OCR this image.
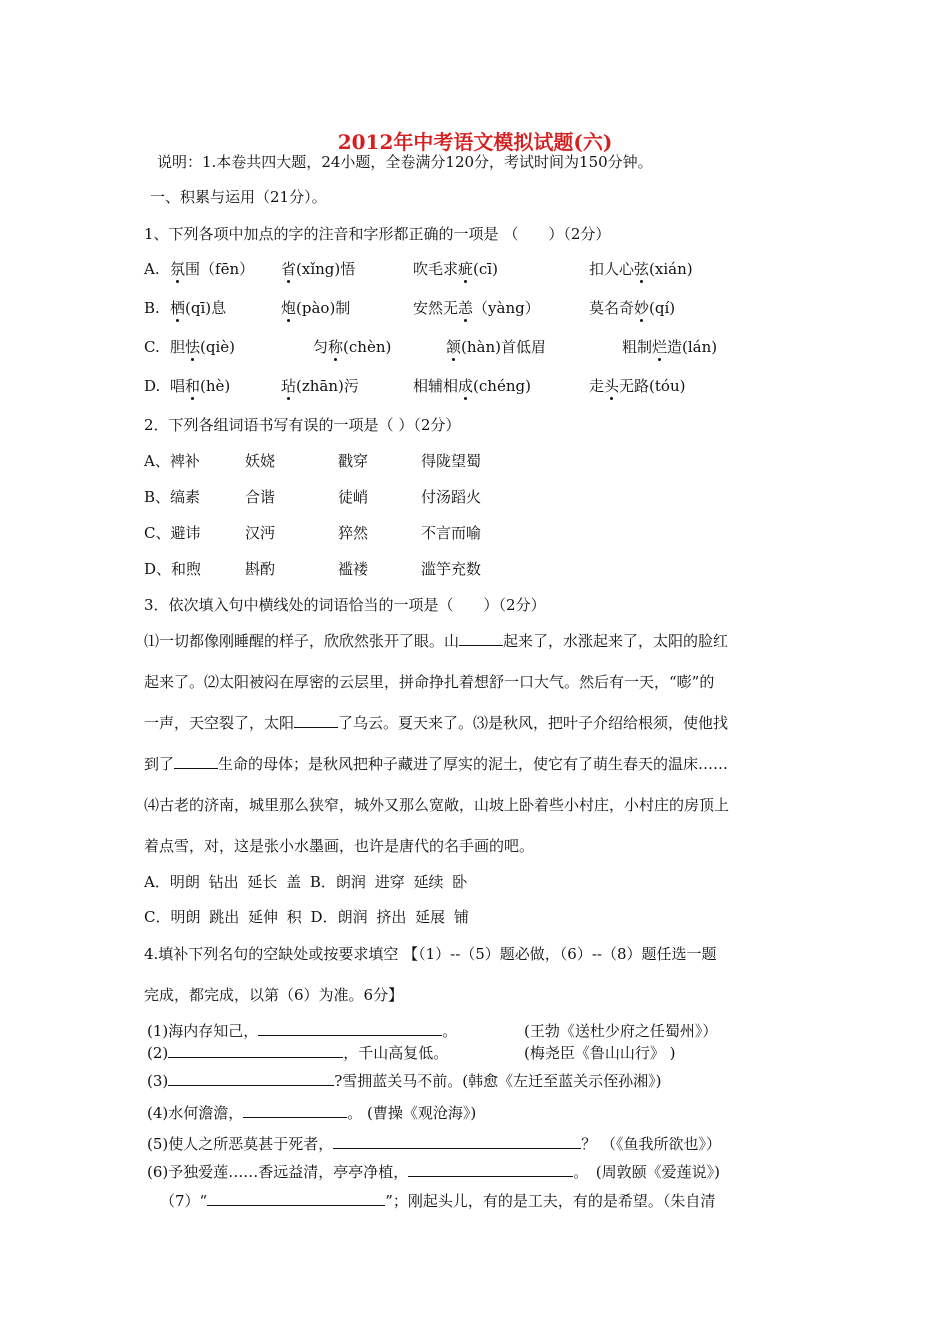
2012年中考语文模拟试题(六)
说明：1.本卷共四大题，24小题，全卷满分120分，考试时间为150分钟。
一、积累与运用（21分）。
1、下列各项中加点的字的注音和字形都正确的一项是 （　　）（2分）
A. 氛围（fēn） 省(xǐng)悟	吹毛求疵(cī)	扣人心弦(xián)
B. 栖(qī)息	炮(pào)制	安然无恙（yàng）	莫名奇妙(qí)
C. 胆怯(qiè)	匀称(chèn)	颔(hàn)首低眉	粗制烂造(lán)
D. 唱和(hè)	玷(zhān)污	相辅相成(chéng)	走头无路(tóu)
2．下列各组词语书写有误的一项是（ ）（2分）
A、裨补	妖娆	戳穿	得陇望蜀
B、缟素	合谐	徒峭	付汤蹈火
C、避讳	汉沔	猝然	不言而喻
D、和煦	斟酌	褴褛	滥竽充数
3．依次填入句中横线处的词语恰当的一项是（　　）（2分）
⑴一切都像刚睡醒的样子，欣欣然张开了眼。山	起来了，水涨起来了，太阳的脸红
起来了。⑵太阳被闷在厚密的云层里，拼命挣扎着想舒一口大气。然后有一天，“嘭”的
一声，天空裂了，太阳	了乌云。夏天来了。⑶是秋风，把叶子介绍给根须，使他找
到了	生命的母体；是秋风把种子藏进了厚实的泥土，使它有了萌生春天的温床……
⑷古老的济南，城里那么狭窄，城外又那么宽敞，山坡上卧着些小村庄，小村庄的房顶上
着点雪，对，这是张小水墨画，也许是唐代的名手画的吧。
A．明朗 钻出 延长 盖 B．朗润 进穿 延续 卧
C．明朗 跳出 延伸 积 D．朗润 挤出 延展 铺
4.填补下列名句的空缺处或按要求填空 【（1）--（5）题必做，（6）--（8）题任选一题
完成，都完成，以第（6）为准。6分】
(1)海内存知己，	。	(王勃《送杜少府之任蜀州》）
(2)	，千山高复低。	(梅尧臣《鲁山山行》 )
(3)	?雪拥蓝关马不前。(韩愈《左迁至蓝关示侄孙湘》)
(4)水何澹澹，	。 (曹操《观沧海》)
(5)使人之所恶莫甚于死者，	？ （《鱼我所欲也》）
(6)予独爱莲……香远益清，亭亭净植，	。　(周敦颐《爱莲说》)
（7）“	”；刚起头儿，有的是工夫，有的是希望。（朱自清
